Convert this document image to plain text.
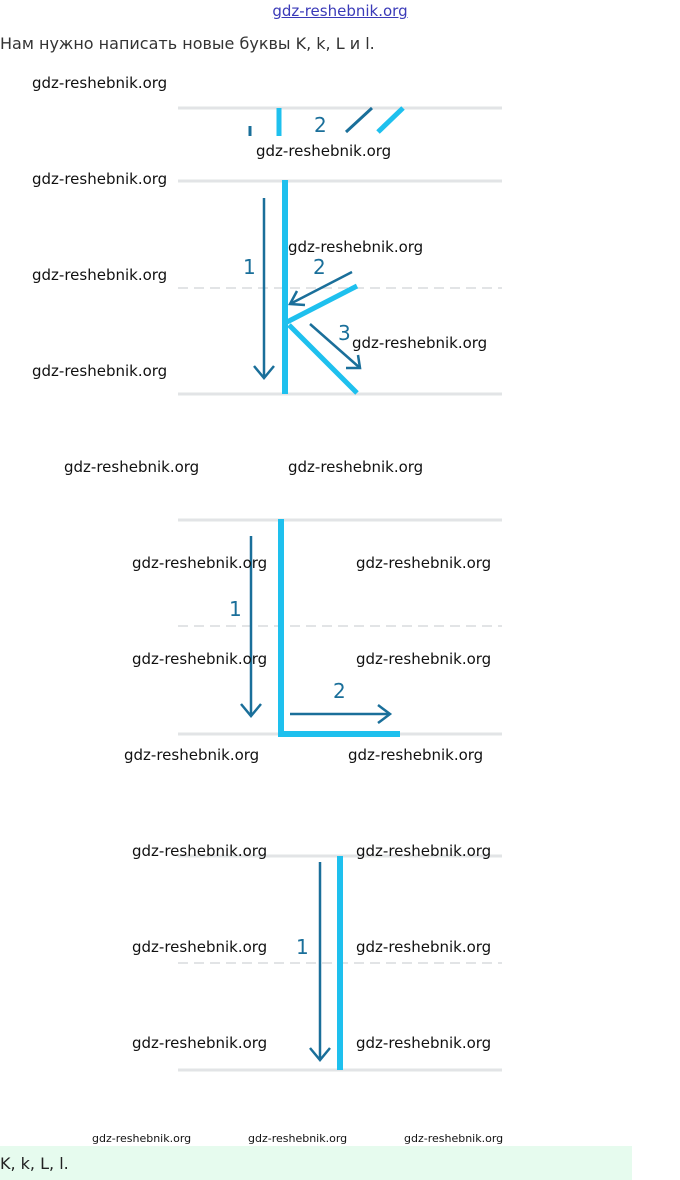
gdz-reshebnik.org
Нам нужно написать новые буквы K, k, L и l.
2
1	2
3
1
2
1
gdz-reshebnik.org
gdz-reshebnik.org
gdz-reshebnik.org
gdz-reshebnik.org
gdz-reshebnik.org
gdz-reshebnik.org
gdz-reshebnik.org
gdz-reshebnik.org	gdz-reshebnik.org
gdz-reshebnik.org	gdz-reshebnik.org
gdz-reshebnik.org	gdz-reshebnik.org
gdz-reshebnik.org	gdz-reshebnik.org
gdz-reshebnik.org	gdz-reshebnik.org
gdz-reshebnik.org	gdz-reshebnik.org
gdz-reshebnik.org	gdz-reshebnik.org
gdz-reshebnik.org	gdz-reshebnik.org	gdz-reshebnik.org
K, k, L, l.
